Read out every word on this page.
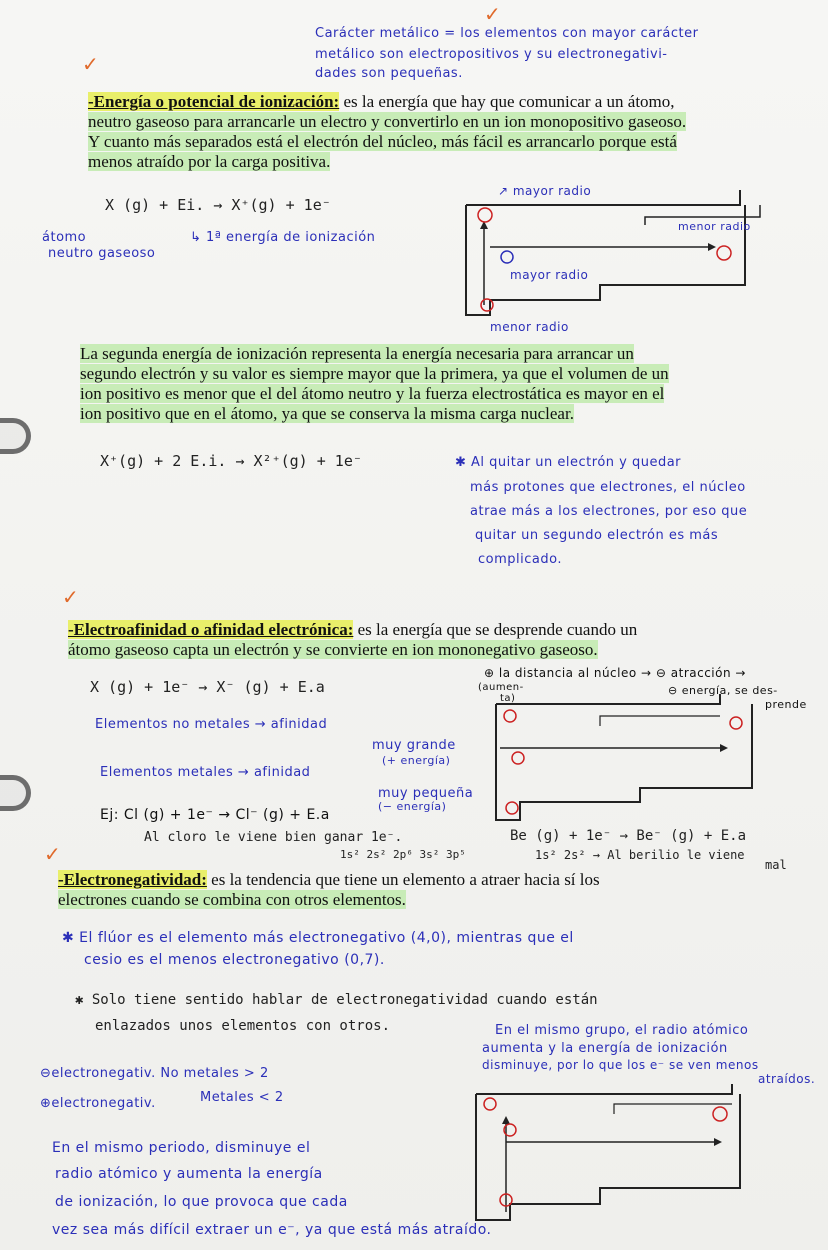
Carácter metálico = los elementos con mayor carácter
metálico son electropositivos y su electronegativi-
dades son pequeñas.
✓
✓
-Energía o potencial de ionización: es la energía que hay que comunicar a un átomo,
neutro gaseoso para arrancarle un electro y convertirlo en un ion monopositivo gaseoso.
Y cuanto más separados está el electrón del núcleo, más fácil es arrancarlo porque está
menos atraído por la carga positiva.
X (g) + Ei. → X⁺(g) + 1e⁻
átomo
neutro gaseoso
↳ 1ª energía de ionización
↗ mayor radio
menor radio
mayor radio
menor radio
La segunda energía de ionización representa la energía necesaria para arrancar un
segundo electrón y su valor es siempre mayor que la primera, ya que el volumen de un
ion positivo es menor que el del átomo neutro y la fuerza electrostática es mayor en el
ion positivo que en el átomo, ya que se conserva la misma carga nuclear.
X⁺(g) + 2 E.i. → X²⁺(g) + 1e⁻	✱ Al quitar un electrón y quedar
más protones que electrones, el núcleo
atrae más a los electrones, por eso que
quitar un segundo electrón es más
complicado.
✓
-Electroafinidad o afinidad electrónica: es la energía que se desprende cuando un
átomo gaseoso capta un electrón y se convierte en ion mononegativo gaseoso.
X (g) + 1e⁻ → X⁻ (g) + E.a
Elementos no metales → afinidad
muy grande
(+ energía)
Elementos metales → afinidad
muy pequeña
(− energía)
Ej: Cl (g) + 1e⁻ → Cl⁻ (g) + E.a
Al cloro le viene bien ganar 1e⁻.
1s² 2s² 2p⁶ 3s² 3p⁵
⊕ la distancia al núcleo → ⊖ atracción →
(aumen-
ta)
⊖ energía, se des-
prende
Be (g) + 1e⁻ → Be⁻ (g) + E.a
1s² 2s² → Al berilio le viene
mal
✓
-Electronegatividad: es la tendencia que tiene un elemento a atraer hacia sí los
electrones cuando se combina con otros elementos.
✱ El flúor es el elemento más electronegativo (4,0), mientras que el
cesio es el menos electronegativo (0,7).
✱ Solo tiene sentido hablar de electronegatividad cuando están
enlazados unos elementos con otros.	En el mismo grupo, el radio atómico
aumenta y la energía de ionización
disminuye, por lo que los e⁻ se ven menos
atraídos.
⊖electronegativ. No metales > 2
⊕electronegativ.	Metales < 2
En el mismo periodo, disminuye el
radio atómico y aumenta la energía
de ionización, lo que provoca que cada
vez sea más difícil extraer un e⁻, ya que está más atraído.
